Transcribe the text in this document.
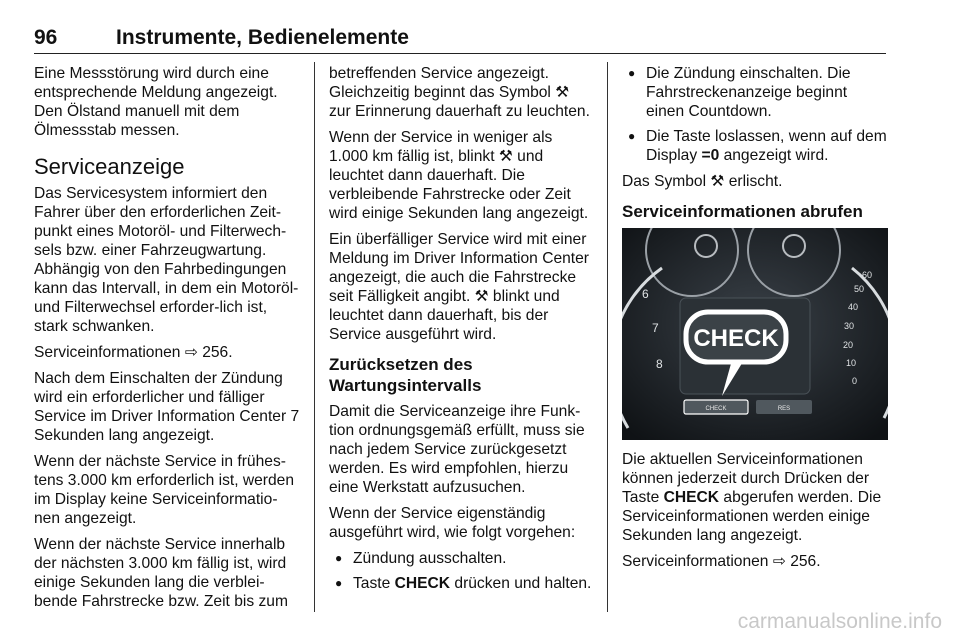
96	Instrumente, Bedienelemente

Eine Messstörung wird durch eine entsprechende Meldung angezeigt. Den Ölstand manuell mit dem Ölmessstab messen.

Serviceanzeige

Das Servicesystem informiert den Fahrer über den erforderlichen Zeit-punkt eines Motoröl- und Filterwech-sels bzw. einer Fahrzeugwartung. Abhängig von den Fahrbedingungen kann das Intervall, in dem ein Motoröl- und Filterwechsel erforder-lich ist, stark schwanken.

Serviceinformationen ⇨ 256.

Nach dem Einschalten der Zündung wird ein erforderlicher und fälliger Service im Driver Information Center 7 Sekunden lang angezeigt.

Wenn der nächste Service in frühes-tens 3.000 km erforderlich ist, werden im Display keine Serviceinformatio-nen angezeigt.

Wenn der nächste Service innerhalb der nächsten 3.000 km fällig ist, wird einige Sekunden lang die verblei-bende Fahrstrecke bzw. Zeit bis zum

betreffenden Service angezeigt. Gleichzeitig beginnt das Symbol ⚒ zur Erinnerung dauerhaft zu leuchten.

Wenn der Service in weniger als 1.000 km fällig ist, blinkt ⚒ und leuchtet dann dauerhaft. Die verbleibende Fahrstrecke oder Zeit wird einige Sekunden lang angezeigt.

Ein überfälliger Service wird mit einer Meldung im Driver Information Center angezeigt, die auch die Fahrstrecke seit Fälligkeit angibt. ⚒ blinkt und leuchtet dann dauerhaft, bis der Service ausgeführt wird.

Zurücksetzen des Wartungsintervalls

Damit die Serviceanzeige ihre Funk-tion ordnungsgemäß erfüllt, muss sie nach jedem Service zurückgesetzt werden. Es wird empfohlen, hierzu eine Werkstatt aufzusuchen.

Wenn der Service eigenständig ausgeführt wird, wie folgt vorgehen:

● Zündung ausschalten.
● Taste CHECK drücken und halten.
● Die Zündung einschalten. Die Fahrstreckenanzeige beginnt einen Countdown.
● Die Taste loslassen, wenn auf dem Display =0 angezeigt wird.

Das Symbol ⚒ erlischt.

Serviceinformationen abrufen
6
7
8
60
50
40
30
20
10
0
CHECK
CHECK	RES

Die aktuellen Serviceinformationen können jederzeit durch Drücken der Taste CHECK abgerufen werden. Die Serviceinformationen werden einige Sekunden lang angezeigt.

Serviceinformationen ⇨ 256.

carmanualsonline.info
